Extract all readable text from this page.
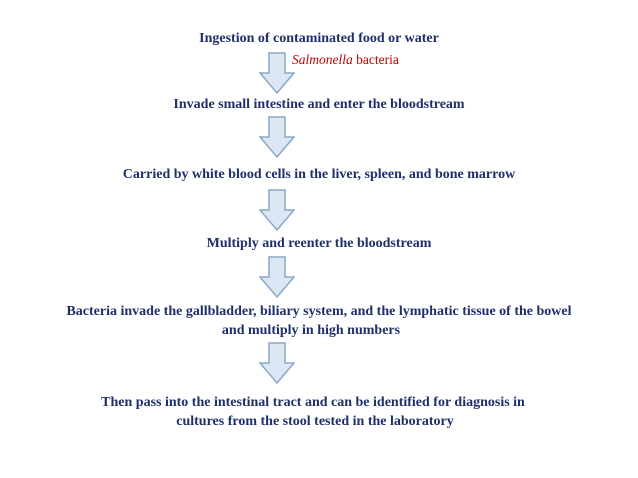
Ingestion of contaminated food or water
Salmonella bacteria
Invade small intestine and enter the bloodstream
Carried by white blood cells in the liver, spleen, and bone marrow
Multiply and reenter the bloodstream
Bacteria invade the gallbladder, biliary system, and the lymphatic tissue of the bowel
and multiply in high numbers
Then pass into the intestinal tract and can be identified for diagnosis in
cultures from the stool tested in the laboratory
